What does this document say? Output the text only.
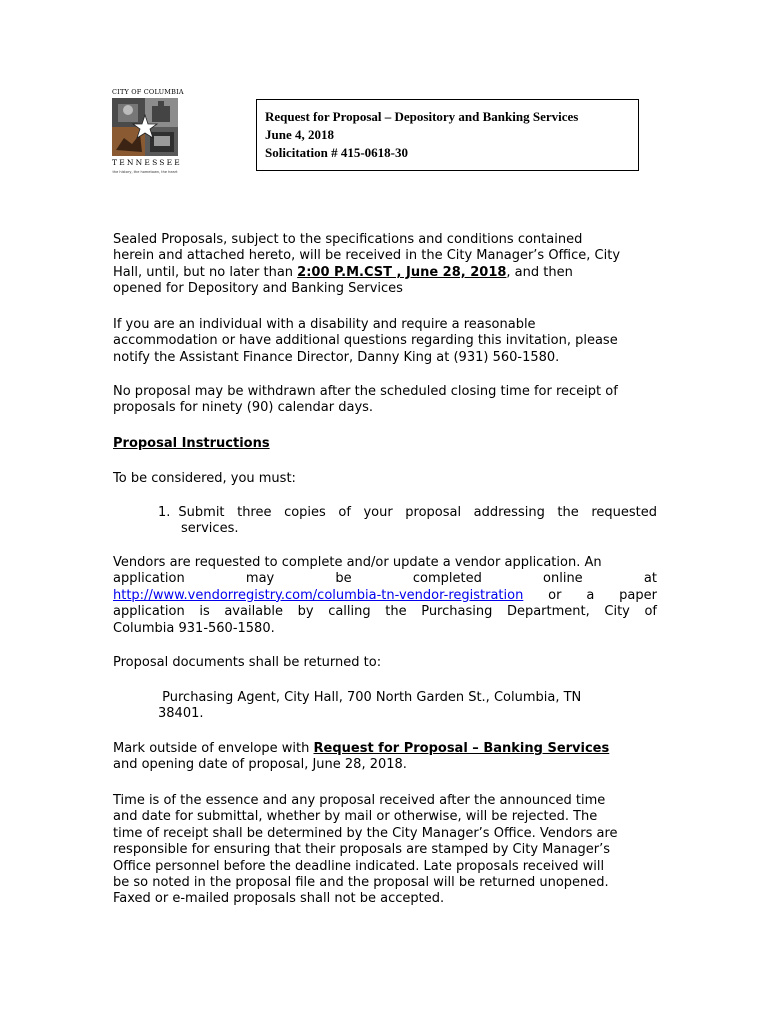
CITY OF COLUMBIA
TENNESSEE
the history, the hometown, the heart
Request for Proposal – Depository and Banking Services
June 4, 2018
Solicitation # 415-0618-30
Sealed Proposals, subject to the specifications and conditions contained
herein and attached hereto, will be received in the City Manager’s Office, City
Hall, until, but no later than 2:00 P.M.CST , June 28, 2018, and then
opened for Depository and Banking Services
If you are an individual with a disability and require a reasonable
accommodation or have additional questions regarding this invitation, please
notify the Assistant Finance Director, Danny King at (931) 560-1580.
No proposal may be withdrawn after the scheduled closing time for receipt of
proposals for ninety (90) calendar days.
Proposal Instructions
To be considered, you must:
1. Submit three copies of your proposal addressing the requested
services.
Vendors are requested to complete and/or update a vendor application. An
application	may	be	completed	online	at
http://www.vendorregistry.com/columbia-tn-vendor-registration or a paper
application is available by calling the Purchasing Department, City of
Columbia 931-560-1580.
Proposal documents shall be returned to:
Purchasing Agent, City Hall, 700 North Garden St., Columbia, TN
38401.
Mark outside of envelope with Request for Proposal – Banking Services
and opening date of proposal, June 28, 2018.
Time is of the essence and any proposal received after the announced time
and date for submittal, whether by mail or otherwise, will be rejected. The
time of receipt shall be determined by the City Manager’s Office. Vendors are
responsible for ensuring that their proposals are stamped by City Manager’s
Office personnel before the deadline indicated. Late proposals received will
be so noted in the proposal file and the proposal will be returned unopened.
Faxed or e-mailed proposals shall not be accepted.
